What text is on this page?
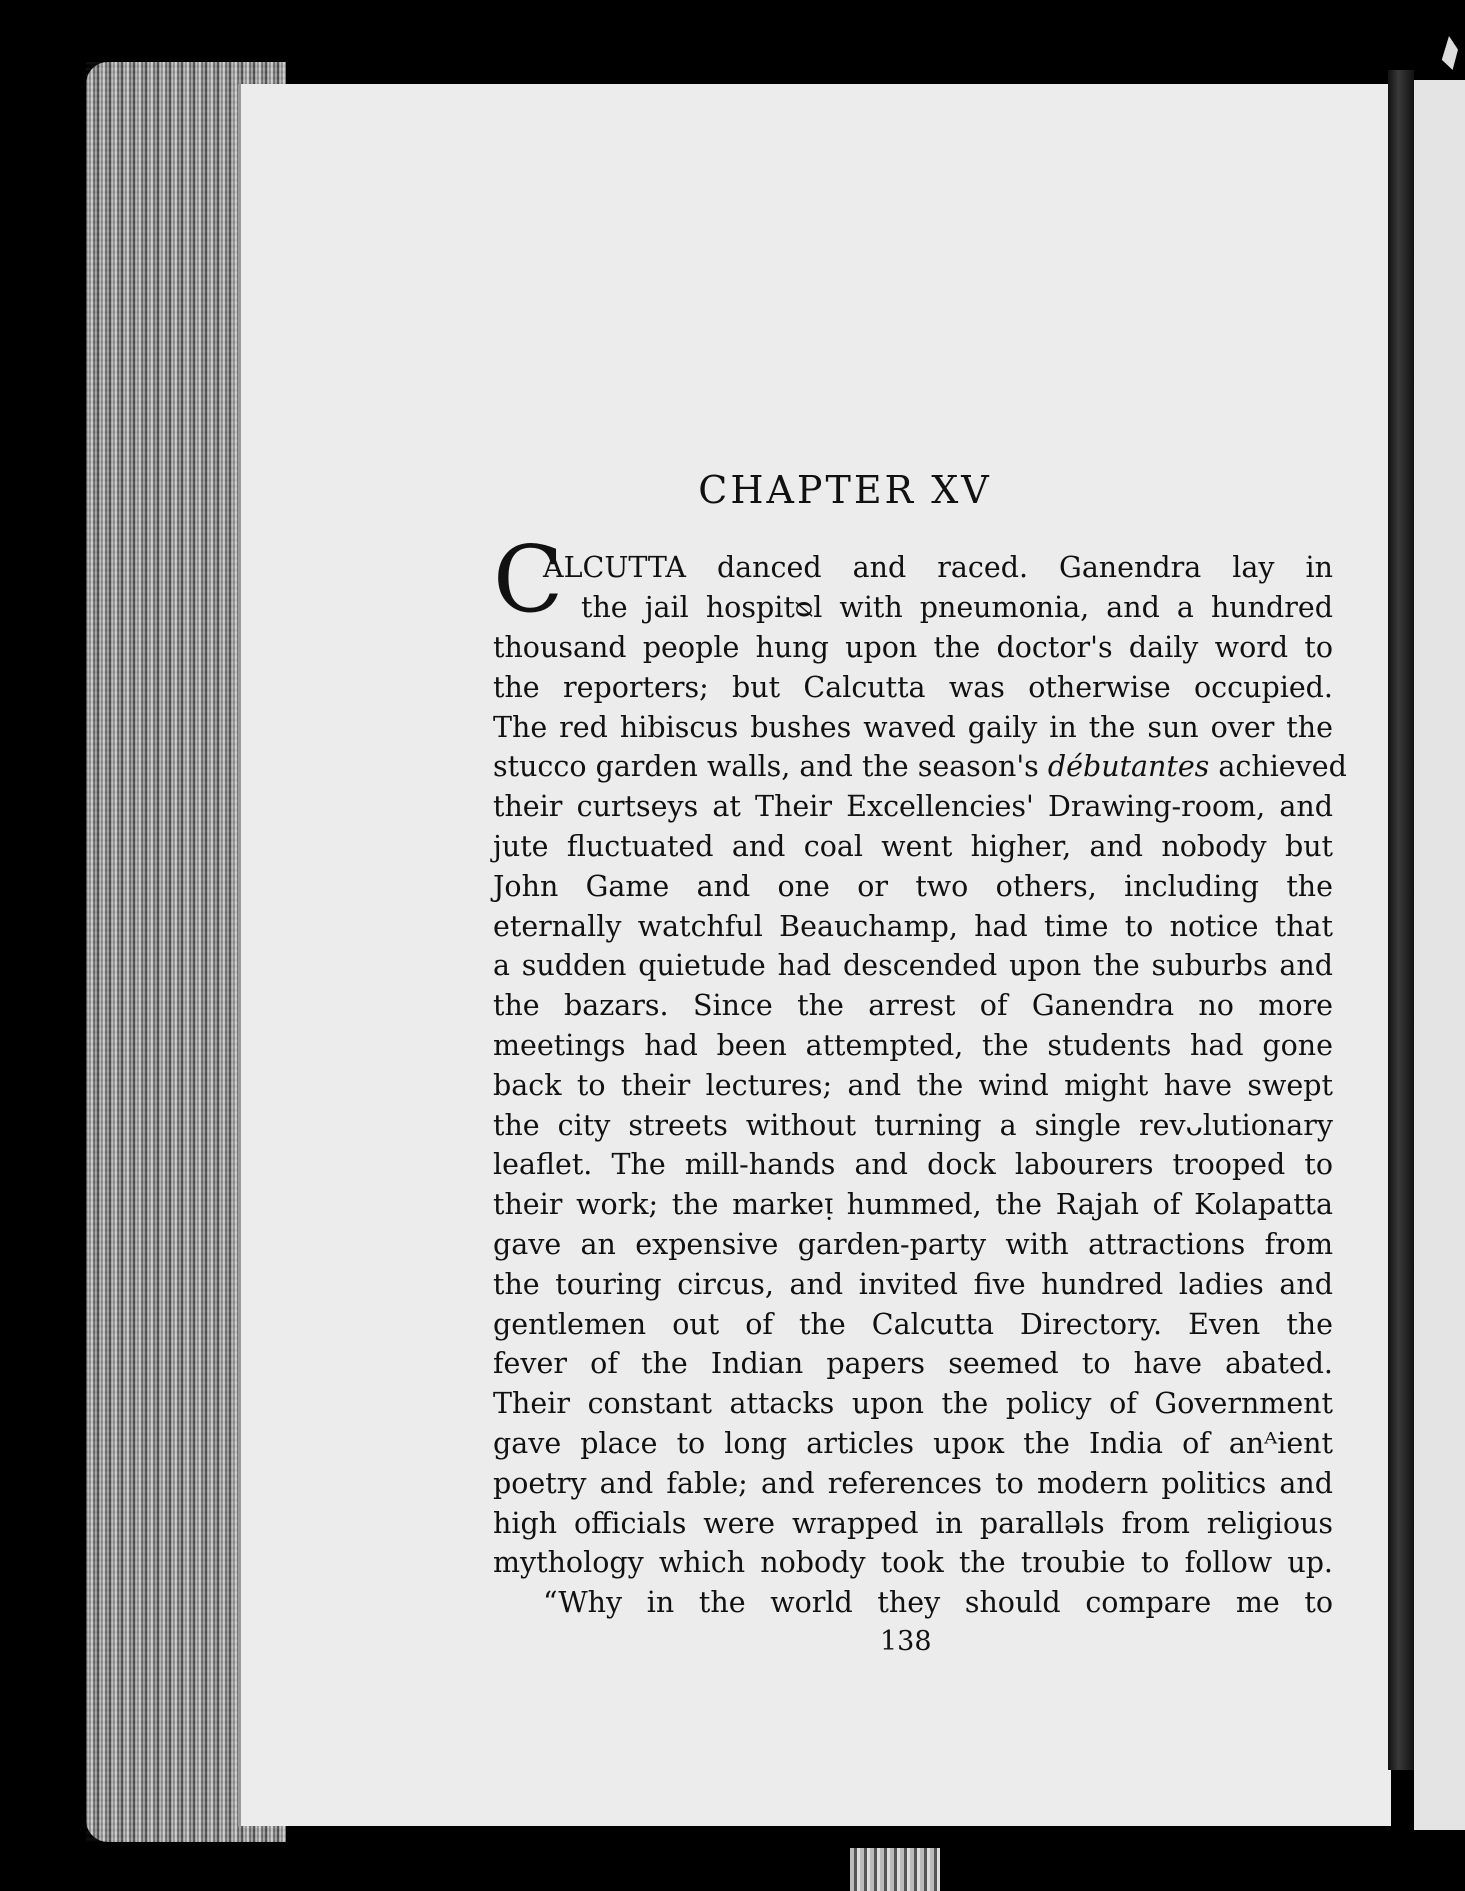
CHAPTER XV
C
ALCUTTA danced and raced. Ganendra lay in
the jail hospitᴓl with pneumonia, and a hundred
thousand people hung upon the doctor's daily word to
the reporters; but Calcutta was otherwise occupied.
The red hibiscus bushes waved gaily in the sun over the
stucco garden walls, and the season's débutantes achieved
their curtseys at Their Excellencies' Drawing-room, and
jute fluctuated and coal went higher, and nobody but
John Game and one or two others, including the
eternally watchful Beauchamp, had time to notice that
a sudden quietude had descended upon the suburbs and
the bazars. Since the arrest of Ganendra no more
meetings had been attempted, the students had gone
back to their lectures; and the wind might have swept
the city streets without turning a single revᴗlutionary
leaflet. The mill-hands and dock labourers trooped to
their work; the markeᴉ hummed, the Rajah of Kolapatta
gave an expensive garden-party with attractions from
the touring circus, and invited five hundred ladies and
gentlemen out of the Calcutta Directory. Even the
fever of the Indian papers seemed to have abated.
Their constant attacks upon the policy of Government
gave place to long articles upoĸ the India of anᴬient
poetry and fable; and references to modern politics and
high officials were wrapped in paralləls from religious
mythology which nobody took the troubie to follow up.
“Why in the world they should compare me to
138
